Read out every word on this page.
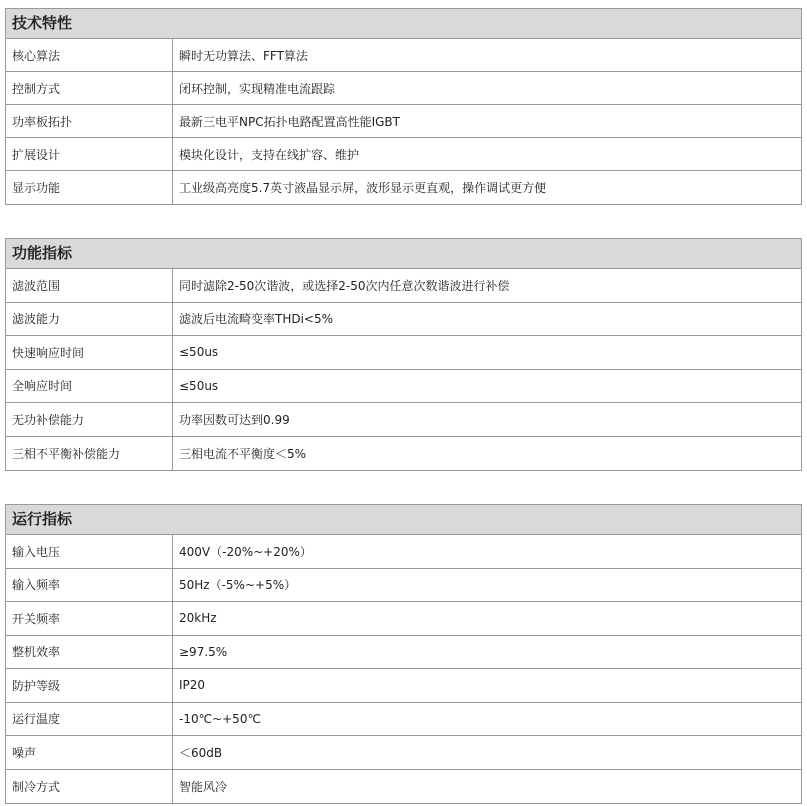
技术特性
核心算法	瞬时无功算法、FFT算法
控制方式	闭环控制，实现精准电流跟踪
功率板拓扑	最新三电平NPC拓扑电路配置高性能IGBT
扩展设计	模块化设计，支持在线扩容、维护
显示功能	工业级高亮度5.7英寸液晶显示屏，波形显示更直观，操作调试更方便
功能指标
滤波范围	同时滤除2-50次谐波，或选择2-50次内任意次数谐波进行补偿
滤波能力	滤波后电流畸变率THDi<5%
快速响应时间	≤50us
全响应时间	≤50us
无功补偿能力	功率因数可达到0.99
三相不平衡补偿能力	三相电流不平衡度＜5%
运行指标
输入电压	400V（-20%~+20%）
输入频率	50Hz（-5%~+5%）
开关频率	20kHz
整机效率	≥97.5%
防护等级	IP20
运行温度	-10℃~+50℃
噪声	＜60dB
制冷方式	智能风冷
